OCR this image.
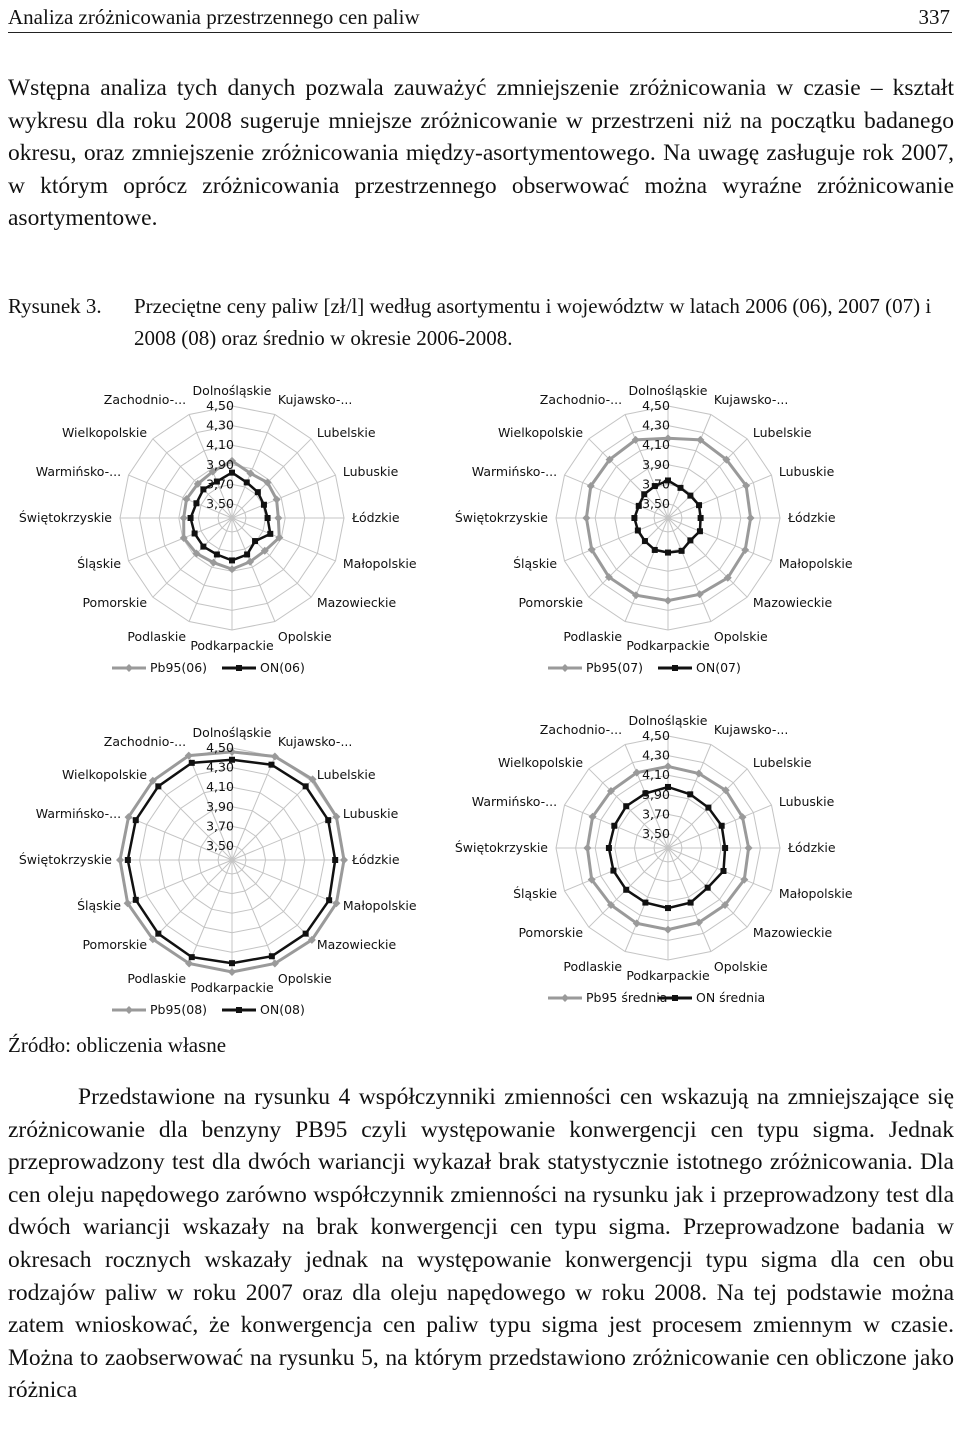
Analiza zróżnicowania przestrzennego cen paliw	337

Wstępna analiza tych danych pozwala zauważyć zmniejszenie zróżnicowania w czasie – kształt wykresu dla roku 2008 sugeruje mniejsze zróżnicowanie w przestrzeni niż na początku badanego okresu, oraz zmniejszenie zróżnicowania między-asortymentowego. Na uwagę zasługuje rok 2007, w którym oprócz zróżnicowania przestrzennego obserwować można wyraźne zróżnicowanie asortymentowe.

Rysunek 3.	Przeciętne ceny paliw [zł/l] według asortymentu i województw w latach 2006 (06), 2007 (07) i 2008 (08) oraz średnio w okresie 2006-2008.
Dolnośląskie
Kujawsko-...
Lubelskie
Lubuskie
Łódzkie
Małopolskie
Mazowieckie
Opolskie
Podkarpackie
Podlaskie
Pomorskie
Śląskie
Świętokrzyskie
Warmińsko-...
Wielkopolskie
Zachodnio-...
3,50
3,70
3,90
4,10
4,30
4,50
Pb95(06)	ON(06)
Dolnośląskie
Kujawsko-...
Lubelskie
Lubuskie
Łódzkie
Małopolskie
Mazowieckie
Opolskie
Podkarpackie
Podlaskie
Pomorskie
Śląskie
Świętokrzyskie
Warmińsko-...
Wielkopolskie
Zachodnio-...
3,50
3,70
3,90
4,10
4,30
4,50
Pb95(07)	ON(07)
Dolnośląskie
Kujawsko-...
Lubelskie
Lubuskie
Łódzkie
Małopolskie
Mazowieckie
Opolskie
Podkarpackie
Podlaskie
Pomorskie
Śląskie
Świętokrzyskie
Warmińsko-...
Wielkopolskie
Zachodnio-...
3,50
3,70
3,90
4,10
4,30
4,50
Pb95(08)	ON(08)
Dolnośląskie
Kujawsko-...
Lubelskie
Lubuskie
Łódzkie
Małopolskie
Mazowieckie
Opolskie
Podkarpackie
Podlaskie
Pomorskie
Śląskie
Świętokrzyskie
Warmińsko-...
Wielkopolskie
Zachodnio-...
3,50
3,70
3,90
4,10
4,30
4,50
Pb95 średnia ON średnia
Źródło: obliczenia własne

Przedstawione na rysunku 4 współczynniki zmienności cen wskazują na zmniejszające się zróżnicowanie dla benzyny PB95 czyli występowanie konwergencji cen typu sigma. Jednak przeprowadzony test dla dwóch wariancji wykazał brak statystycznie istotnego zróżnicowania. Dla cen oleju napędowego zarówno współczynnik zmienności na rysunku jak i przeprowadzony test dla dwóch wariancji wskazały na brak konwergencji cen typu sigma. Przeprowadzone badania w okresach rocznych wskazały jednak na występowanie konwergencji typu sigma dla cen obu rodzajów paliw w roku 2007 oraz dla oleju napędowego w roku 2008. Na tej podstawie można zatem wnioskować, że konwergencja cen paliw typu sigma jest procesem zmiennym w czasie. Można to zaobserwować na rysunku 5, na którym przedstawiono zróżnicowanie cen obliczone jako różnica
